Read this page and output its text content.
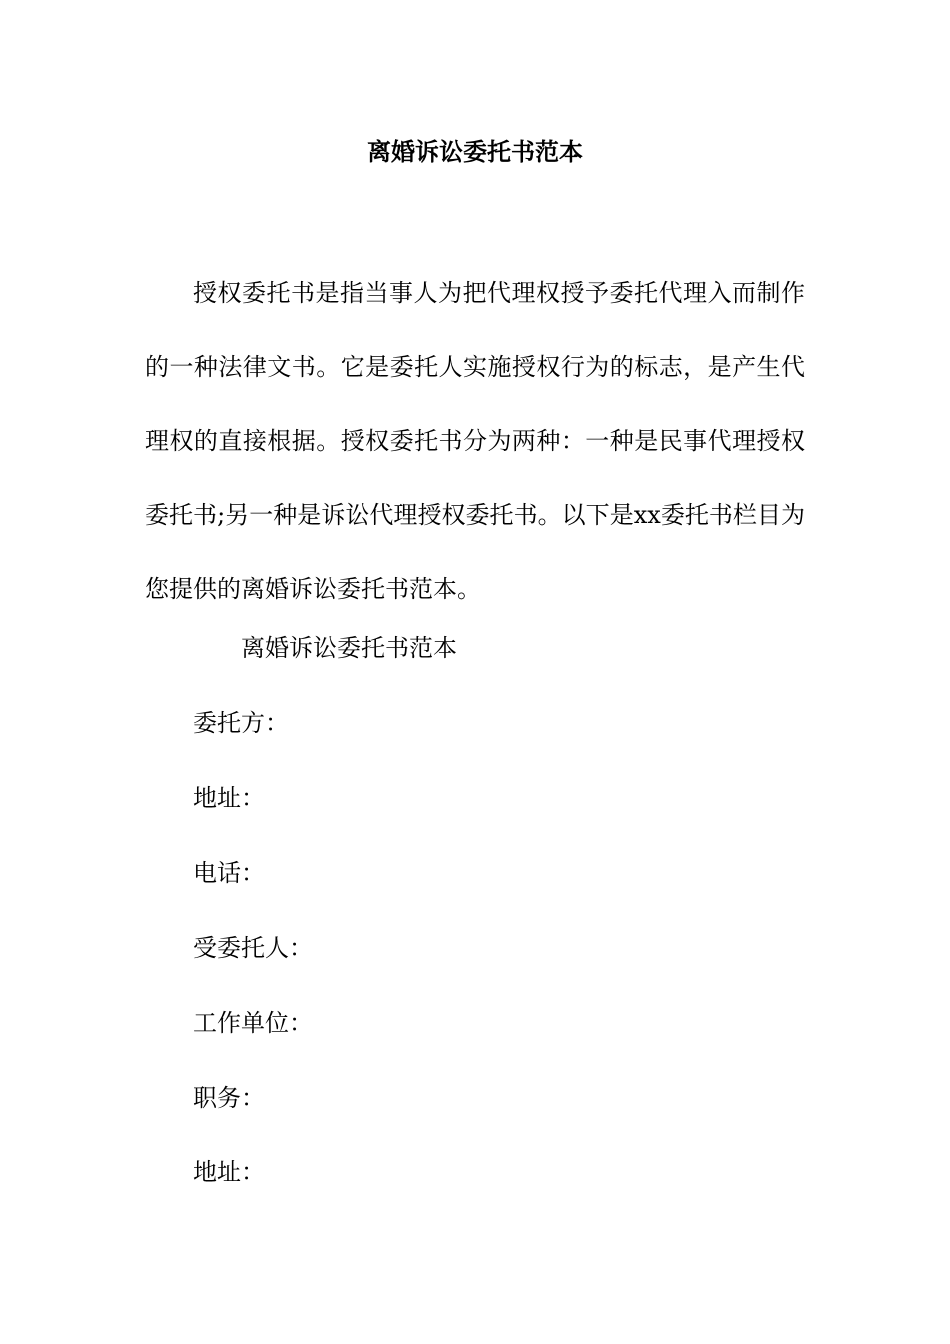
离婚诉讼委托书范本

授权委托书是指当事人为把代理权授予委托代理入而制作的一种法律文书。它是委托人实施授权行为的标志，是产生代理权的直接根据。授权委托书分为两种：一种是民事代理授权委托书;另一种是诉讼代理授权委托书。以下是xx委托书栏目为您提供的离婚诉讼委托书范本。

离婚诉讼委托书范本

委托方：

地址：

电话：

受委托人：

工作单位：

职务：

地址：
